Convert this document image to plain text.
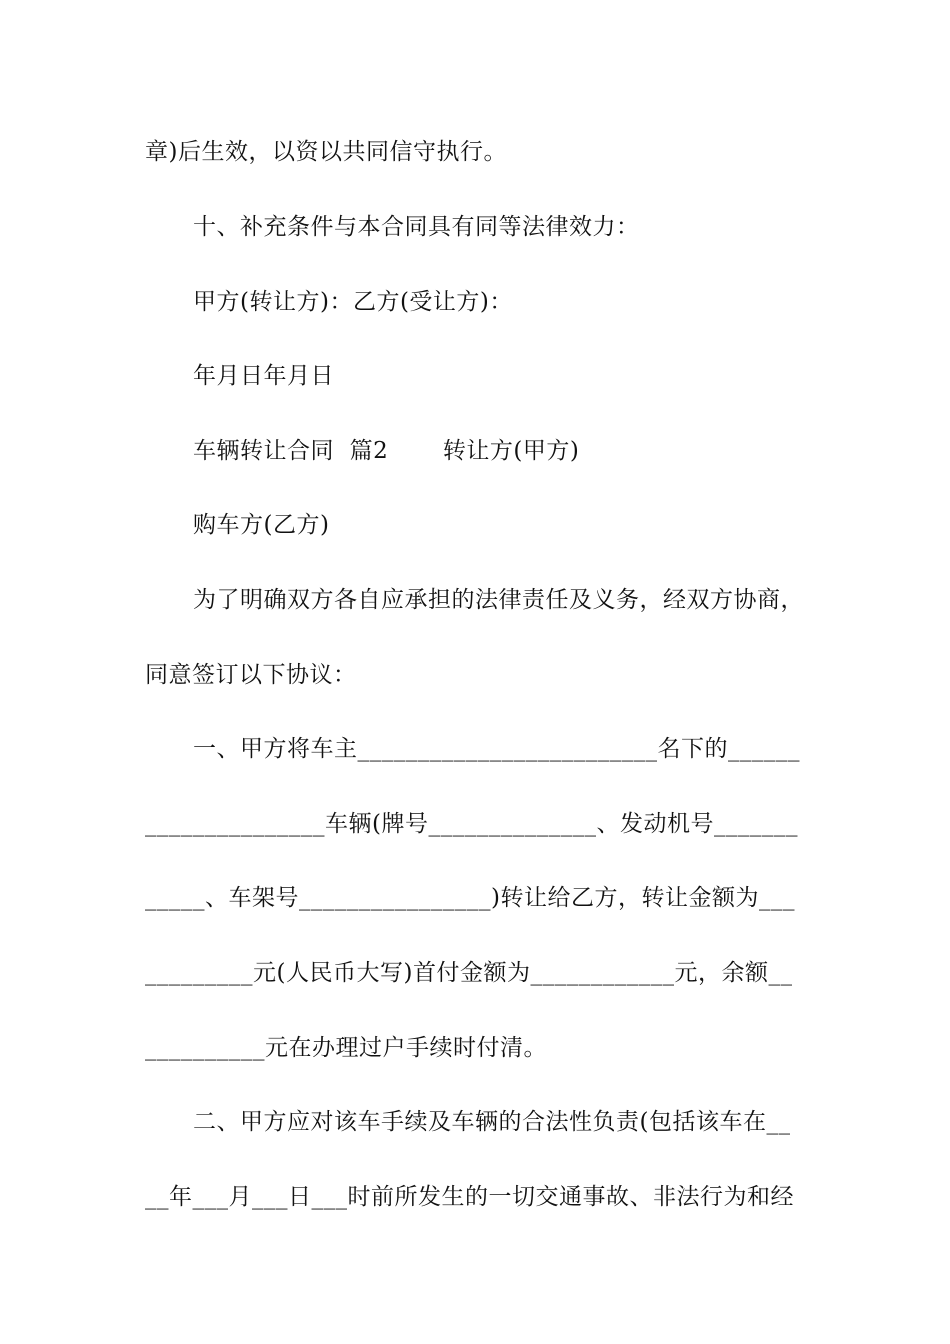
章)后生效，以资以共同信守执行。
十、补充条件与本合同具有同等法律效力：
甲方(转让方)：乙方(受让方)：
年月日年月日
车辆转让合同  篇2       转让方(甲方)
购车方(乙方)
为了明确双方各自应承担的法律责任及义务，经双方协商，
同意签订以下协议：
一、甲方将车主_________________________名下的______
_______________车辆(牌号______________、发动机号_______
_____、车架号________________)转让给乙方，转让金额为___
_________元(人民币大写)首付金额为____________元，余额__
__________元在办理过户手续时付清。
二、甲方应对该车手续及车辆的合法性负责(包括该车在__
__年___月___日___时前所发生的一切交通事故、非法行为和经
